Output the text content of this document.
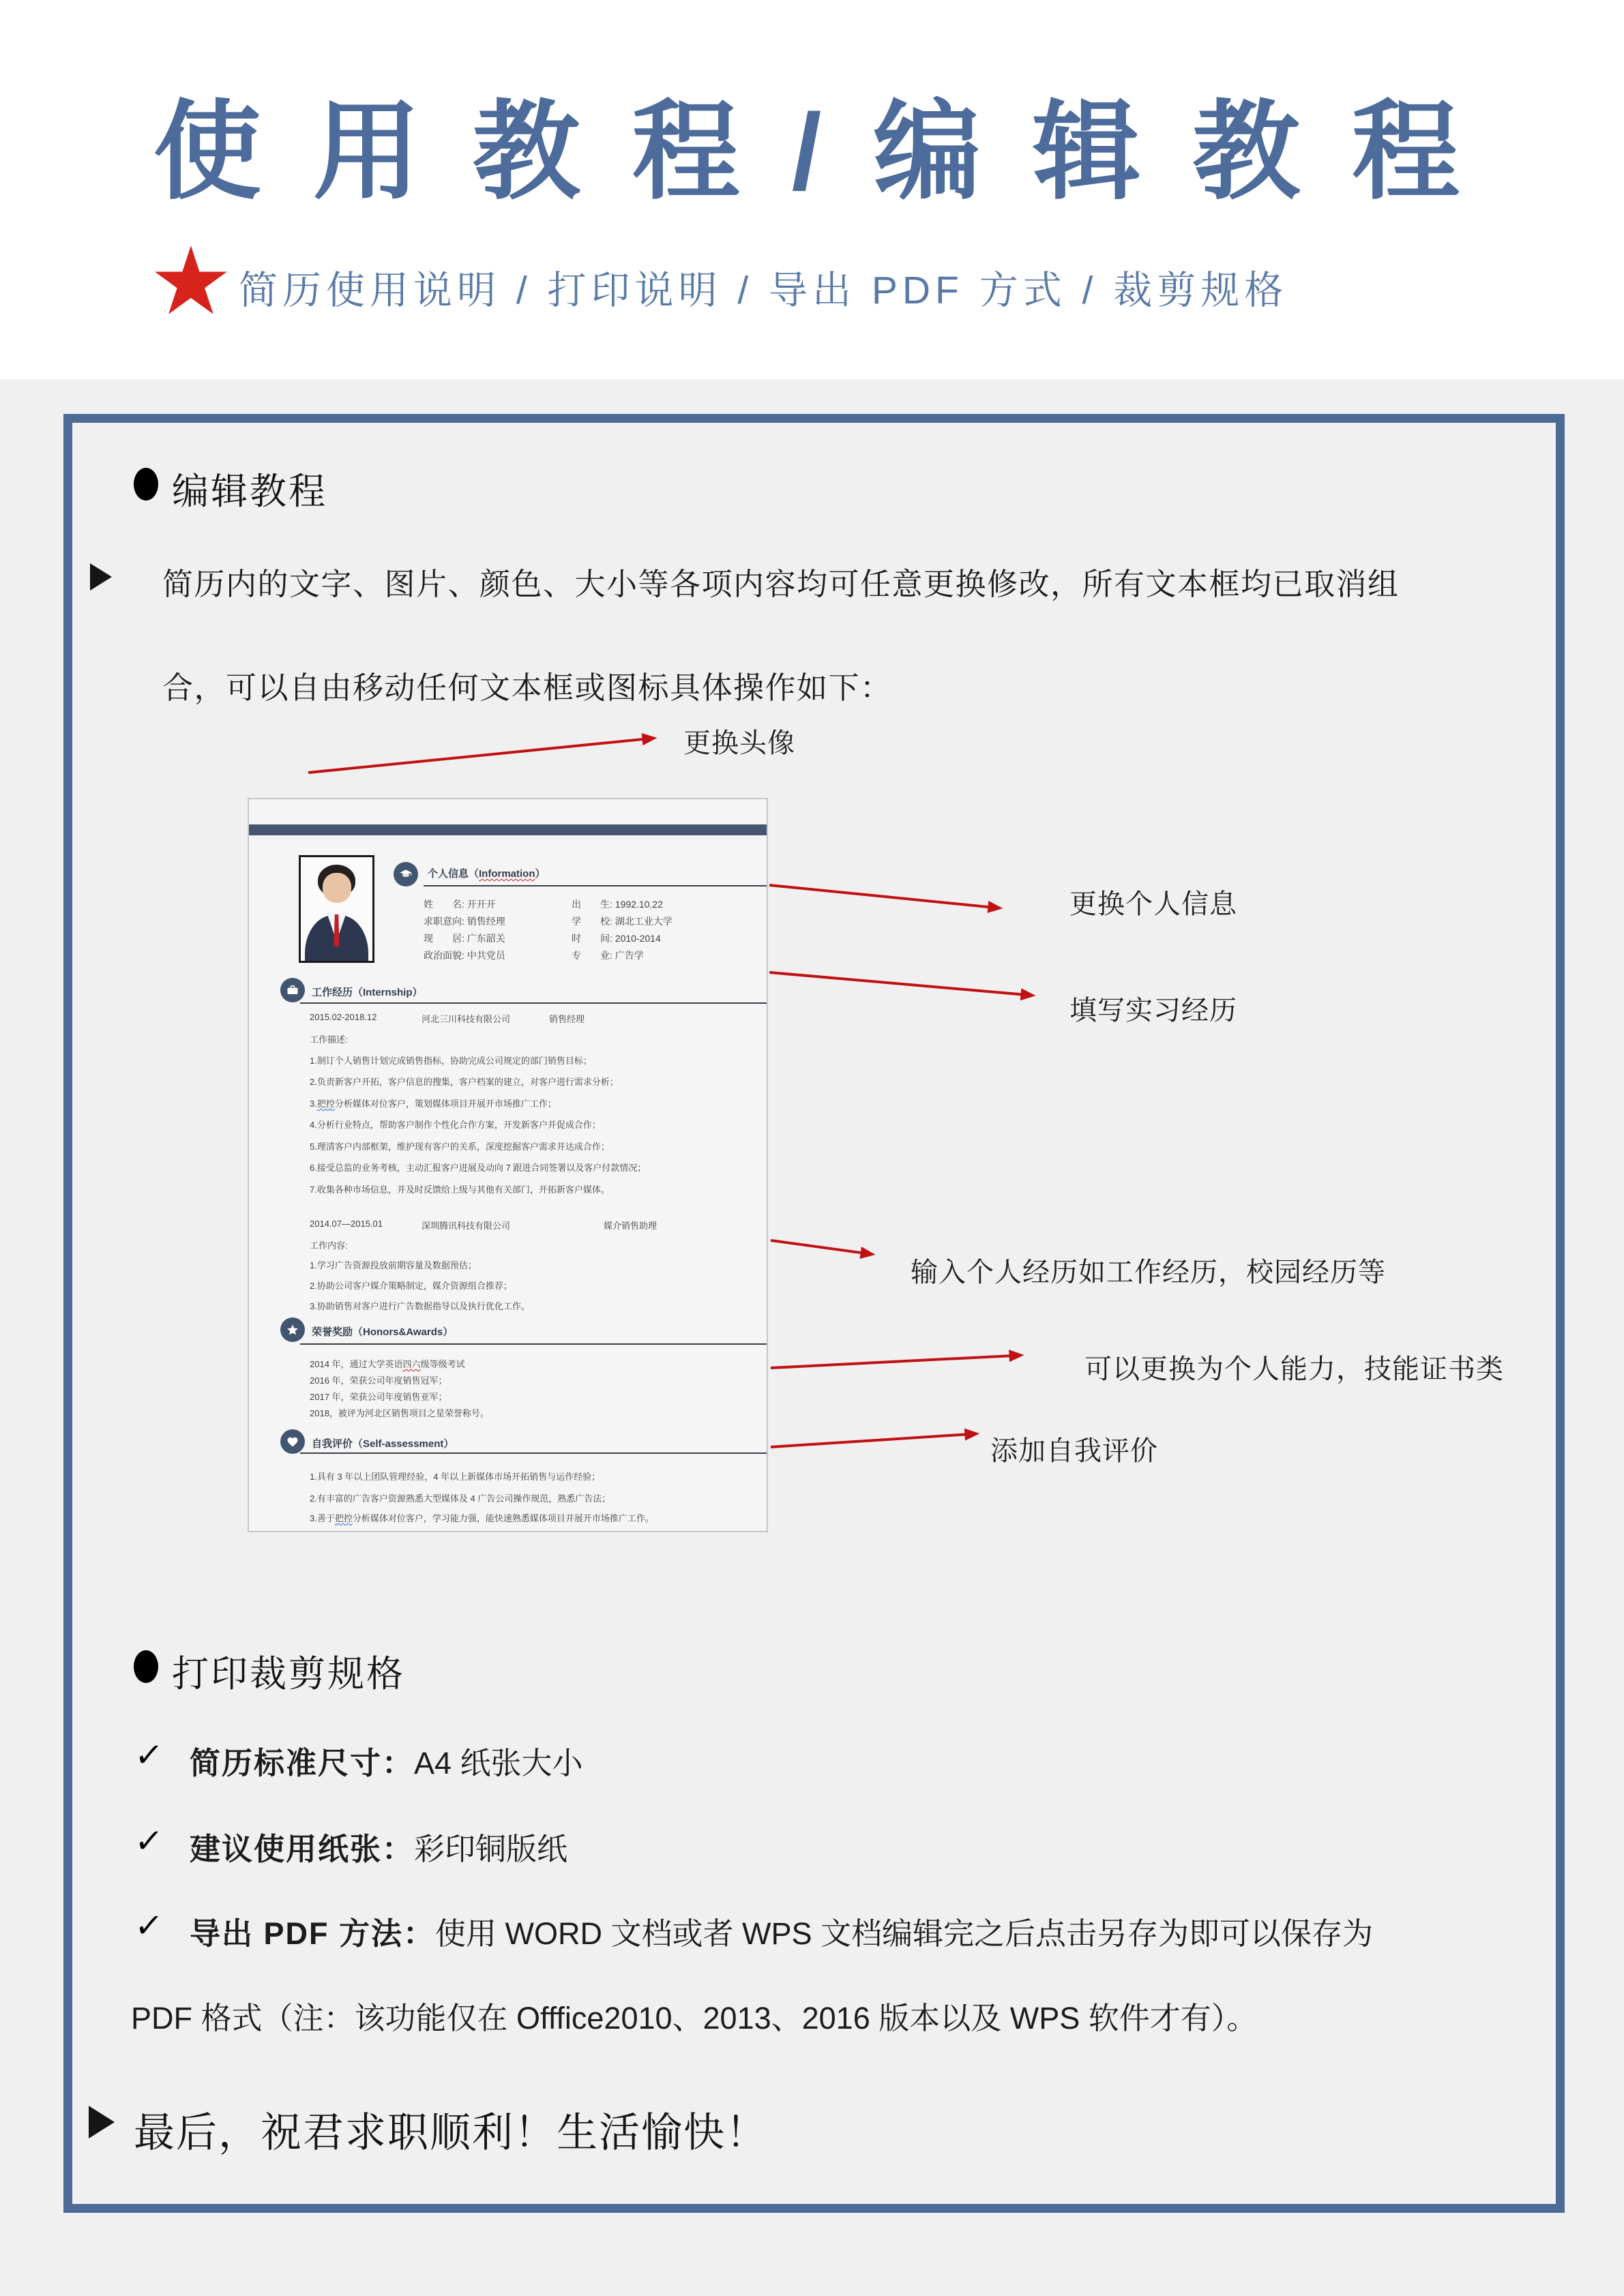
使 用 教 程 / 编 辑 教 程
★ 简历使用说明 / 打印说明 / 导出 PDF 方式 / 裁剪规格
编辑教程
简历内的文字、图片、颜色、大小等各项内容均可任意更换修改，所有文本框均已取消组
合，可以自由移动任何文本框或图标具体操作如下：
更换头像
更换个人信息
填写实习经历
输入个人经历如工作经历，校园经历等
可以更换为个人能力，技能证书类
添加自我评价
个人信息（Information）
姓　　名: 开开开	出　　生: 1992.10.22
求职意向: 销售经理	学　　校: 湖北工业大学
现　　居: 广东韶关	时　　间: 2010-2014
政治面貌: 中共党员	专　　业: 广告学
工作经历（Internship）
2015.02-2018.12	河北三川科技有限公司	销售经理
工作描述:
1.制订个人销售计划完成销售指标，协助完成公司规定的部门销售目标；
2.负责新客户开拓，客户信息的搜集，客户档案的建立，对客户进行需求分析；
3.把控分析媒体对位客户，策划媒体项目并展开市场推广工作；
4.分析行业特点，帮助客户制作个性化合作方案，开发新客户并促成合作；
5.理清客户内部框架，维护现有客户的关系，深度挖掘客户需求并达成合作；
6.接受总监的业务考核，主动汇报客户进展及动向 7 跟进合同签署以及客户付款情况；
7.收集各种市场信息，并及时反馈给上级与其他有关部门，开拓新客户媒体。
2014.07—2015.01	深圳腾讯科技有限公司	媒介销售助理
工作内容:
1.学习广告资源投放前期容量及数据预估；
2.协助公司客户媒介策略制定，媒介资源组合推荐；
3.协助销售对客户进行广告数据指导以及执行优化工作。
荣誉奖励（Honors&Awards）
2014 年，通过大学英语四六级等级考试
2016 年，荣获公司年度销售冠军；
2017 年，荣获公司年度销售亚军；
2018，被评为河北区销售项目之星荣誉称号。
自我评价（Self-assessment）
1.具有 3 年以上团队管理经验，4 年以上新媒体市场开拓销售与运作经验；
2.有丰富的广告客户资源熟悉大型媒体及 4 广告公司操作规范，熟悉广告法；
3.善于把控分析媒体对位客户，学习能力强，能快速熟悉媒体项目并展开市场推广工作。
打印裁剪规格
✓ 简历标准尺寸：A4 纸张大小
✓ 建议使用纸张：彩印铜版纸
✓ 导出 PDF 方法：使用 WORD 文档或者 WPS 文档编辑完之后点击另存为即可以保存为
PDF 格式（注：该功能仅在 Offfice2010、2013、2016 版本以及 WPS 软件才有）。
最后，祝君求职顺利！生活愉快！
